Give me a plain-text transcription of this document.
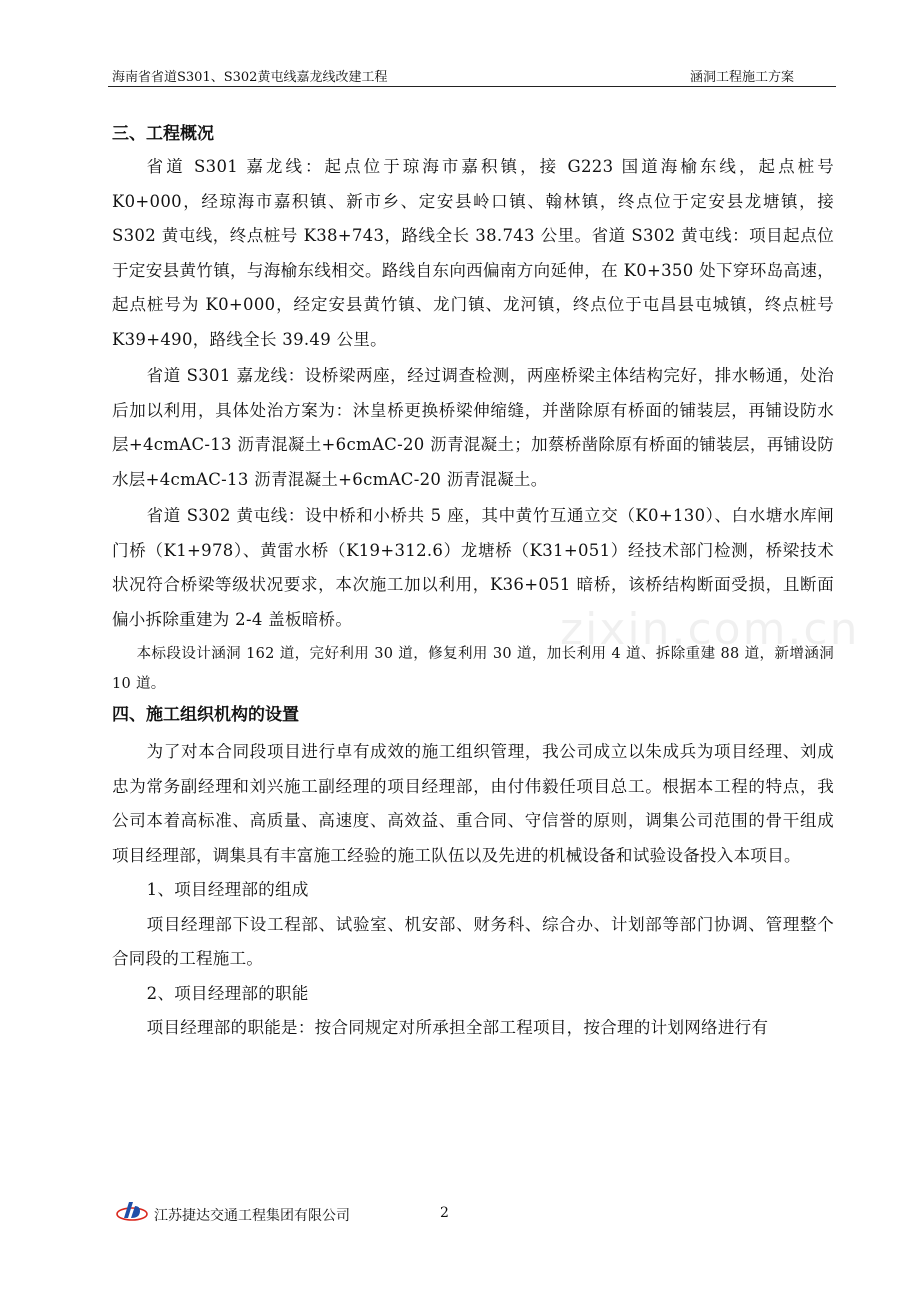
海南省省道S301、S302黄屯线嘉龙线改建工程	涵洞工程施工方案
zixin.com.cn

三、工程概况

省道 S301 嘉龙线：起点位于琼海市嘉积镇，接 G223 国道海榆东线，起点桩号 K0+000，经琼海市嘉积镇、新市乡、定安县岭口镇、翰林镇，终点位于定安县龙塘镇，接 S302 黄屯线，终点桩号 K38+743，路线全长 38.743 公里。省道 S302 黄屯线：项目起点位于定安县黄竹镇，与海榆东线相交。路线自东向西偏南方向延伸，在 K0+350 处下穿环岛高速，起点桩号为 K0+000，经定安县黄竹镇、龙门镇、龙河镇，终点位于屯昌县屯城镇，终点桩号 K39+490，路线全长 39.49 公里。

省道 S301 嘉龙线：设桥梁两座，经过调查检测，两座桥梁主体结构完好，排水畅通，处治后加以利用，具体处治方案为：沐皇桥更换桥梁伸缩缝，并凿除原有桥面的铺装层，再铺设防水层+4cmAC-13 沥青混凝土+6cmAC-20 沥青混凝土；加蔡桥凿除原有桥面的铺装层，再铺设防水层+4cmAC-13 沥青混凝土+6cmAC-20 沥青混凝土。

省道 S302 黄屯线：设中桥和小桥共 5 座，其中黄竹互通立交（K0+130）、白水塘水库闸门桥（K1+978）、黄雷水桥（K19+312.6）龙塘桥（K31+051）经技术部门检测，桥梁技术状况符合桥梁等级状况要求，本次施工加以利用，K36+051 暗桥，该桥结构断面受损，且断面偏小拆除重建为 2-4 盖板暗桥。

本标段设计涵洞 162 道，完好利用 30 道，修复利用 30 道，加长利用 4 道、拆除重建 88 道，新增涵洞 10 道。

四、施工组织机构的设置

为了对本合同段项目进行卓有成效的施工组织管理，我公司成立以朱成兵为项目经理、刘成忠为常务副经理和刘兴施工副经理的项目经理部，由付伟毅任项目总工。根据本工程的特点，我公司本着高标准、高质量、高速度、高效益、重合同、守信誉的原则，调集公司范围的骨干组成项目经理部，调集具有丰富施工经验的施工队伍以及先进的机械设备和试验设备投入本项目。

1、项目经理部的组成

项目经理部下设工程部、试验室、机安部、财务科、综合办、计划部等部门协调、管理整个合同段的工程施工。

2、项目经理部的职能

项目经理部的职能是：按合同规定对所承担全部工程项目，按合理的计划网络进行有

江苏捷达交通工程集团有限公司	2
